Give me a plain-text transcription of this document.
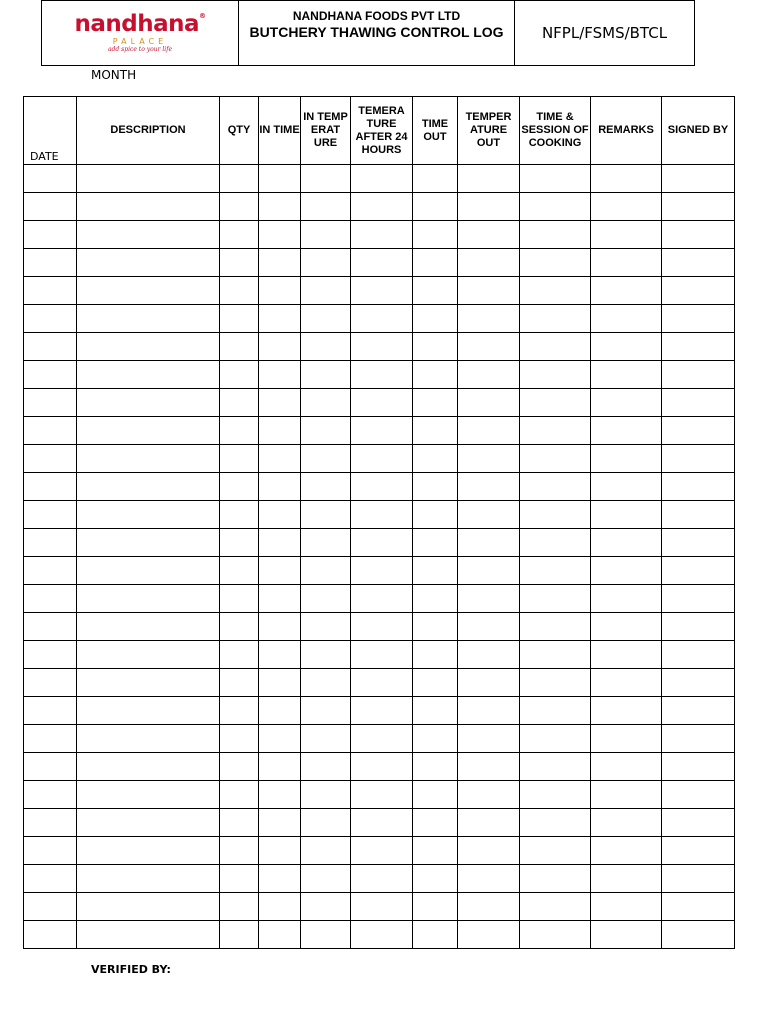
nandhana®
PALACE
add spice to your life
NANDHANA FOODS PVT LTD
BUTCHERY THAWING CONTROL LOG	NFPL/FSMS/BTCL
MONTH
DATE	DESCRIPTION	QTY	IN TIME	IN TEMP ERAT URE	TEMERA TURE AFTER 24 HOURS	TIME OUT	TEMPER ATURE OUT	TIME & SESSION OF COOKING	REMARKS	SIGNED BY

VERIFIED BY:
